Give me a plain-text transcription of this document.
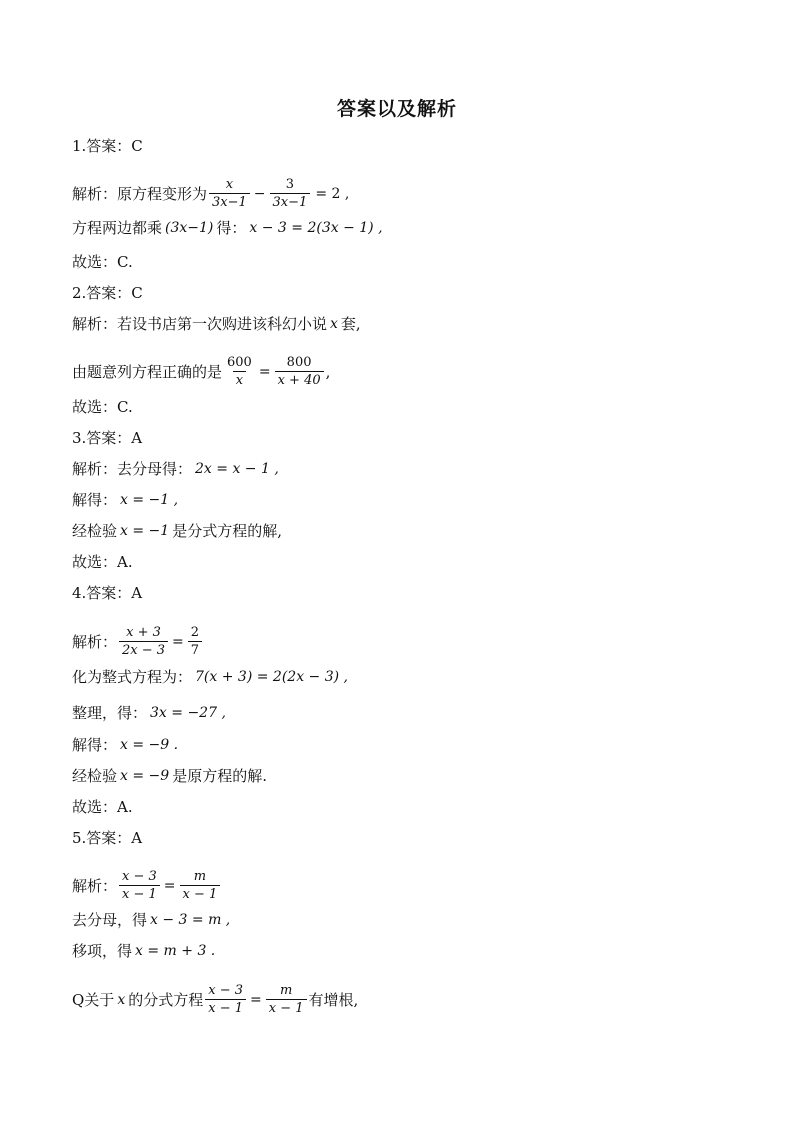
答案以及解析
1.答案：C
解析：原方程变形为 $\frac{x}{3x-1} - \frac{3}{3x-1} = 2$ ,
方程两边都乘 (3x−1) 得： x − 3 = 2(3x − 1) ,
故选：C.
2.答案：C
解析：若设书店第一次购进该科幻小说 x 套,
由题意列方程正确的是 $\frac{600}{x} = \frac{800}{x + 40}$ ,
故选：C.
3.答案：A
解析：去分母得： 2x = x − 1 ,
解得： x = −1 ,
经检验 x = −1 是分式方程的解,
故选：A.
4.答案：A
解析： $\frac{x + 3}{2x - 3} = \frac{2}{7}$
化为整式方程为： 7(x + 3) = 2(2x − 3) ,
整理，得： 3x = −27 ,
解得： x = −9 .
经检验 x = −9 是原方程的解.
故选：A.
5.答案：A
解析： $\frac{x - 3}{x - 1} = \frac{m}{x - 1}$
去分母，得 x − 3 = m ,
移项，得 x = m + 3 .
Q关于 x 的分式方程 $\frac{x - 3}{x - 1} = \frac{m}{x - 1}$ 有增根,
